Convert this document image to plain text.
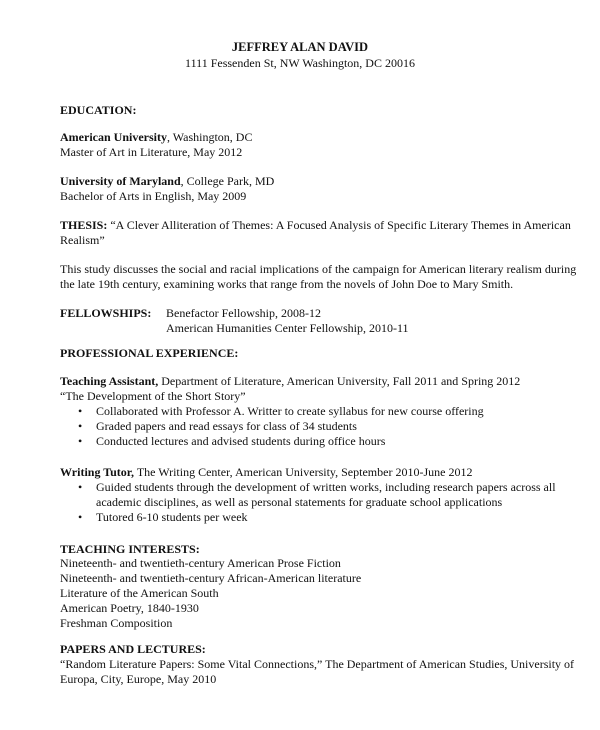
JEFFREY ALAN DAVID
1111 Fessenden St, NW Washington, DC 20016
EDUCATION:
American University, Washington, DC
Master of Art in Literature, May 2012
University of Maryland, College Park, MD
Bachelor of Arts in English, May 2009
THESIS: “A Clever Alliteration of Themes: A Focused Analysis of Specific Literary Themes in American
Realism”
This study discusses the social and racial implications of the campaign for American literary realism during
the late 19th century, examining works that range from the novels of John Doe to Mary Smith.
FELLOWSHIPS: Benefactor Fellowship, 2008-12
American Humanities Center Fellowship, 2010-11
PROFESSIONAL EXPERIENCE:
Teaching Assistant, Department of Literature, American University, Fall 2011 and Spring 2012
“The Development of the Short Story”
• Collaborated with Professor A. Writter to create syllabus for new course offering
• Graded papers and read essays for class of 34 students
• Conducted lectures and advised students during office hours
Writing Tutor, The Writing Center, American University, September 2010-June 2012
• Guided students through the development of written works, including research papers across all
academic disciplines, as well as personal statements for graduate school applications
• Tutored 6-10 students per week
TEACHING INTERESTS:
Nineteenth- and twentieth-century American Prose Fiction
Nineteenth- and twentieth-century African-American literature
Literature of the American South
American Poetry, 1840-1930
Freshman Composition
PAPERS AND LECTURES:
“Random Literature Papers: Some Vital Connections,” The Department of American Studies, University of
Europa, City, Europe, May 2010
